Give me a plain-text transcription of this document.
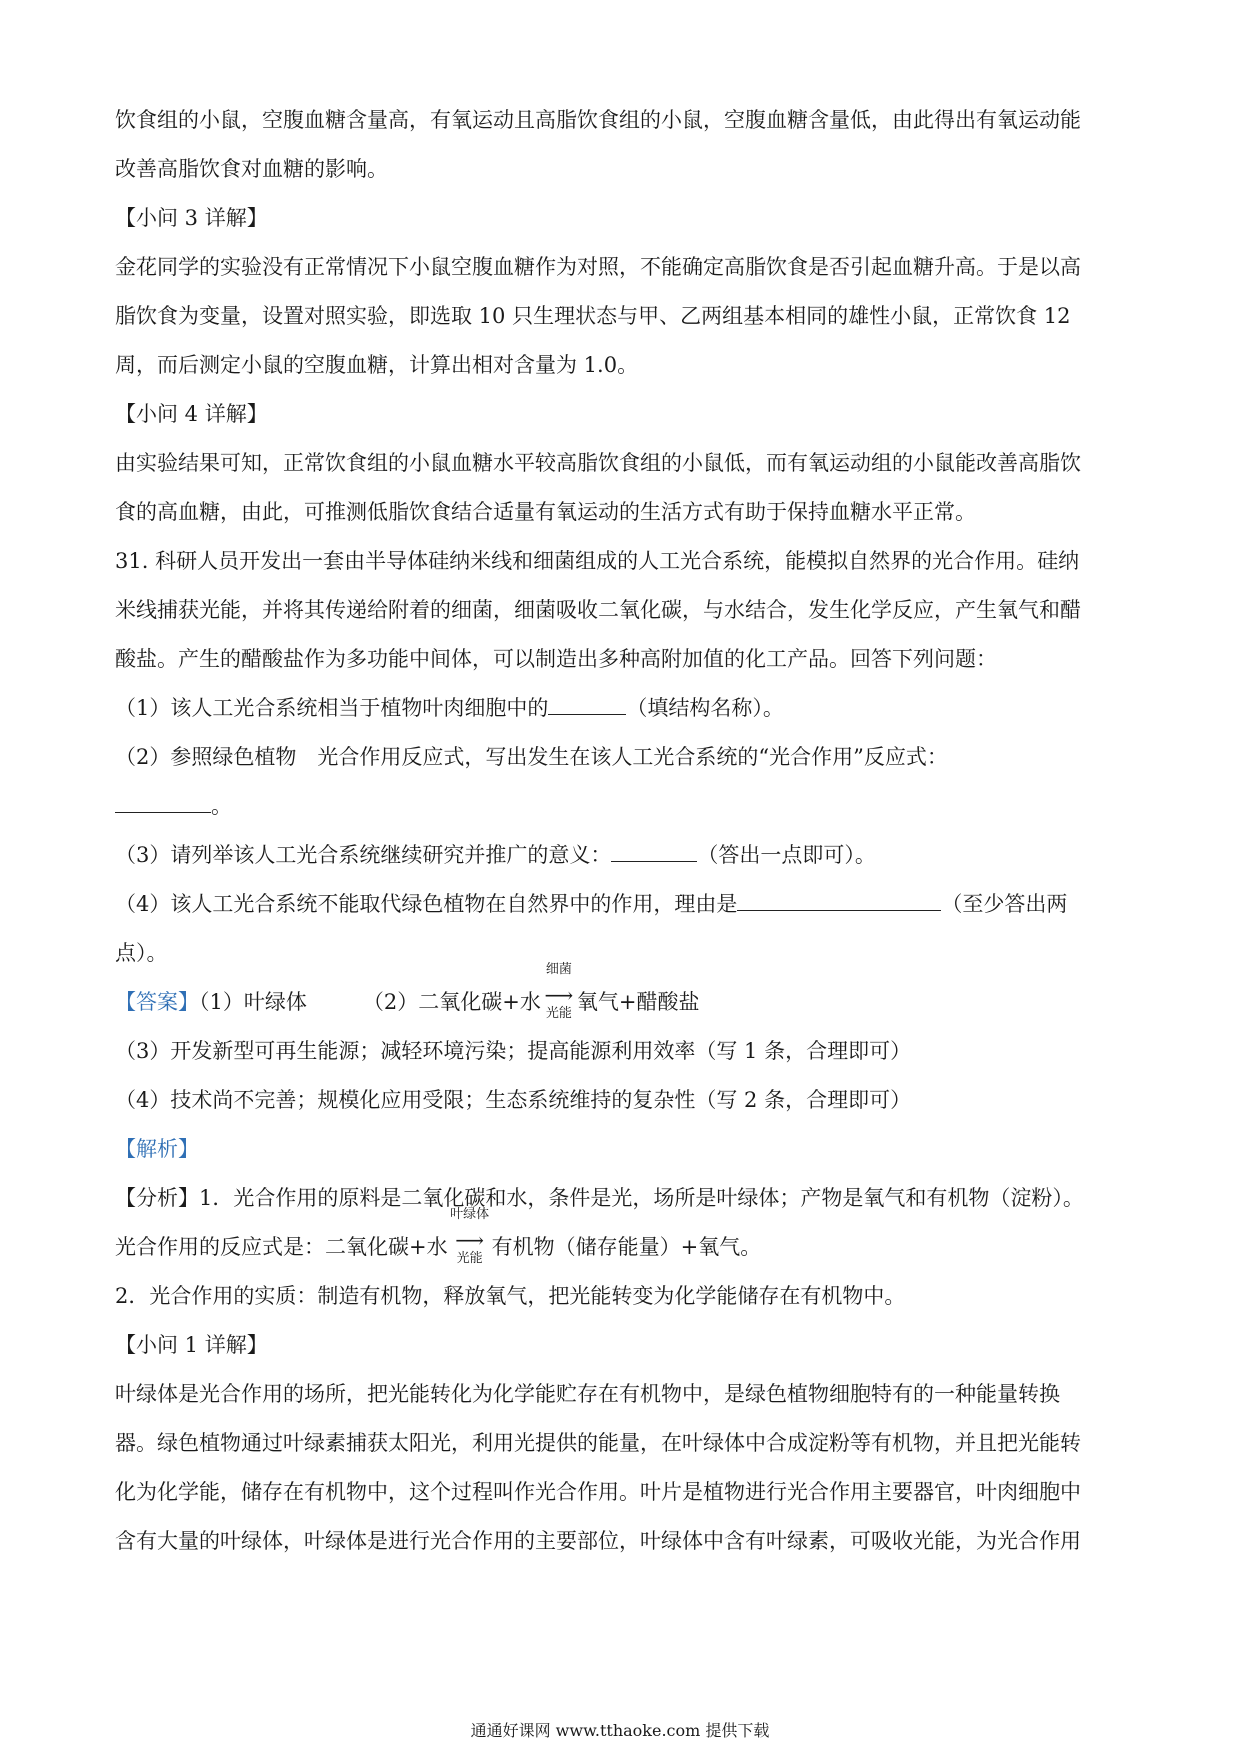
饮食组的小鼠，空腹血糖含量高，有氧运动且高脂饮食组的小鼠，空腹血糖含量低，由此得出有氧运动能
改善高脂饮食对血糖的影响。
【小问 3 详解】
金花同学的实验没有正常情况下小鼠空腹血糖作为对照，不能确定高脂饮食是否引起血糖升高。于是以高
脂饮食为变量，设置对照实验，即选取 10 只生理状态与甲、乙两组基本相同的雄性小鼠，正常饮食 12
周，而后测定小鼠的空腹血糖，计算出相对含量为 1.0。
【小问 4 详解】
由实验结果可知，正常饮食组的小鼠血糖水平较高脂饮食组的小鼠低，而有氧运动组的小鼠能改善高脂饮
食的高血糖，由此，可推测低脂饮食结合适量有氧运动的生活方式有助于保持血糖水平正常。
31. 科研人员开发出一套由半导体硅纳米线和细菌组成的人工光合系统，能模拟自然界的光合作用。硅纳
米线捕获光能，并将其传递给附着的细菌，细菌吸收二氧化碳，与水结合，发生化学反应，产生氧气和醋
酸盐。产生的醋酸盐作为多功能中间体，可以制造出多种高附加值的化工产品。回答下列问题：
（1）该人工光合系统相当于植物叶肉细胞中的	（填结构名称）。
（2）参照绿色植物　光合作用反应式，写出发生在该人工光合系统的“光合作用”反应式：
。
（3）请列举该人工光合系统继续研究并推广的意义：	（答出一点即可）。
（4）该人工光合系统不能取代绿色植物在自然界中的作用，理由是	（至少答出两
点）。
【答案】（1）叶绿体	（2）二氧化碳+水
细菌
⟶
光能 氧气+醋酸盐
（3）开发新型可再生能源；减轻环境污染；提高能源利用效率（写 1 条，合理即可）
（4）技术尚不完善；规模化应用受限；生态系统维持的复杂性（写 2 条，合理即可）
【解析】
【分析】1．光合作用的原料是二氧化碳和水，条件是光，场所是叶绿体；产物是氧气和有机物（淀粉）。
光合作用的反应式是：二氧化碳+水
叶绿体
⟶
光能 有机物（储存能量）+氧气。
2．光合作用的实质：制造有机物，释放氧气，把光能转变为化学能储存在有机物中。
【小问 1 详解】
叶绿体是光合作用的场所，把光能转化为化学能贮存在有机物中，是绿色植物细胞特有的一种能量转换
器。绿色植物通过叶绿素捕获太阳光，利用光提供的能量，在叶绿体中合成淀粉等有机物，并且把光能转
化为化学能，储存在有机物中，这个过程叫作光合作用。叶片是植物进行光合作用主要器官，叶肉细胞中
含有大量的叶绿体，叶绿体是进行光合作用的主要部位，叶绿体中含有叶绿素，可吸收光能，为光合作用
通通好课网 www.tthaoke.com 提供下载
